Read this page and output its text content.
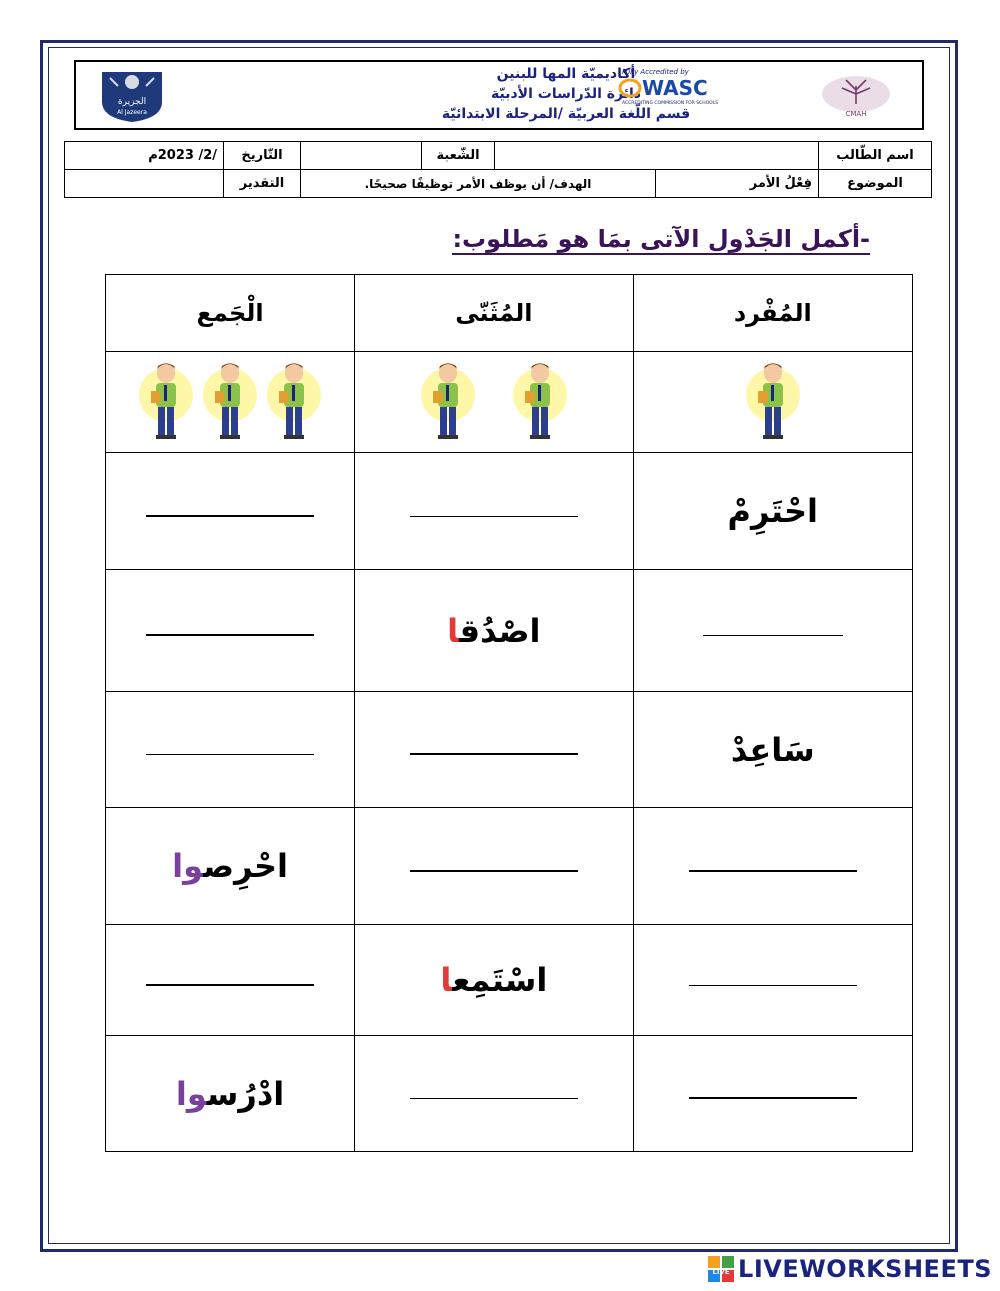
الجزيرة
Al Jazeera
أكاديميّة المها للبنين
دائرة الدّراسات الأدبيّة
قسم اللّغة العربيّة /المرحلة الابتدائيّة
Fully Accredited by
WASC
ACCREDITING COMMISSION FOR SCHOOLS
CMAH
اسم الطّالب			الشّعبة		التّاريخ	/2/ 2023م
الموضوع	فِعْلُ الأمر	الهدف/ أن يوظف الأمر توظيفًا صحيحًا.			التقدير	
-أكمل الجَدْول الآتى بمَا هو مَطلوب:
المُفْرد	المُثَنّى	الْجَمع

احْتَرِمْ		
	اصْدُقا	
سَاعِدْ		
		احْرِصوا
	اسْتَمِعا	
		ادْرُسوا
LIVE LIVEWORKSHEETS
